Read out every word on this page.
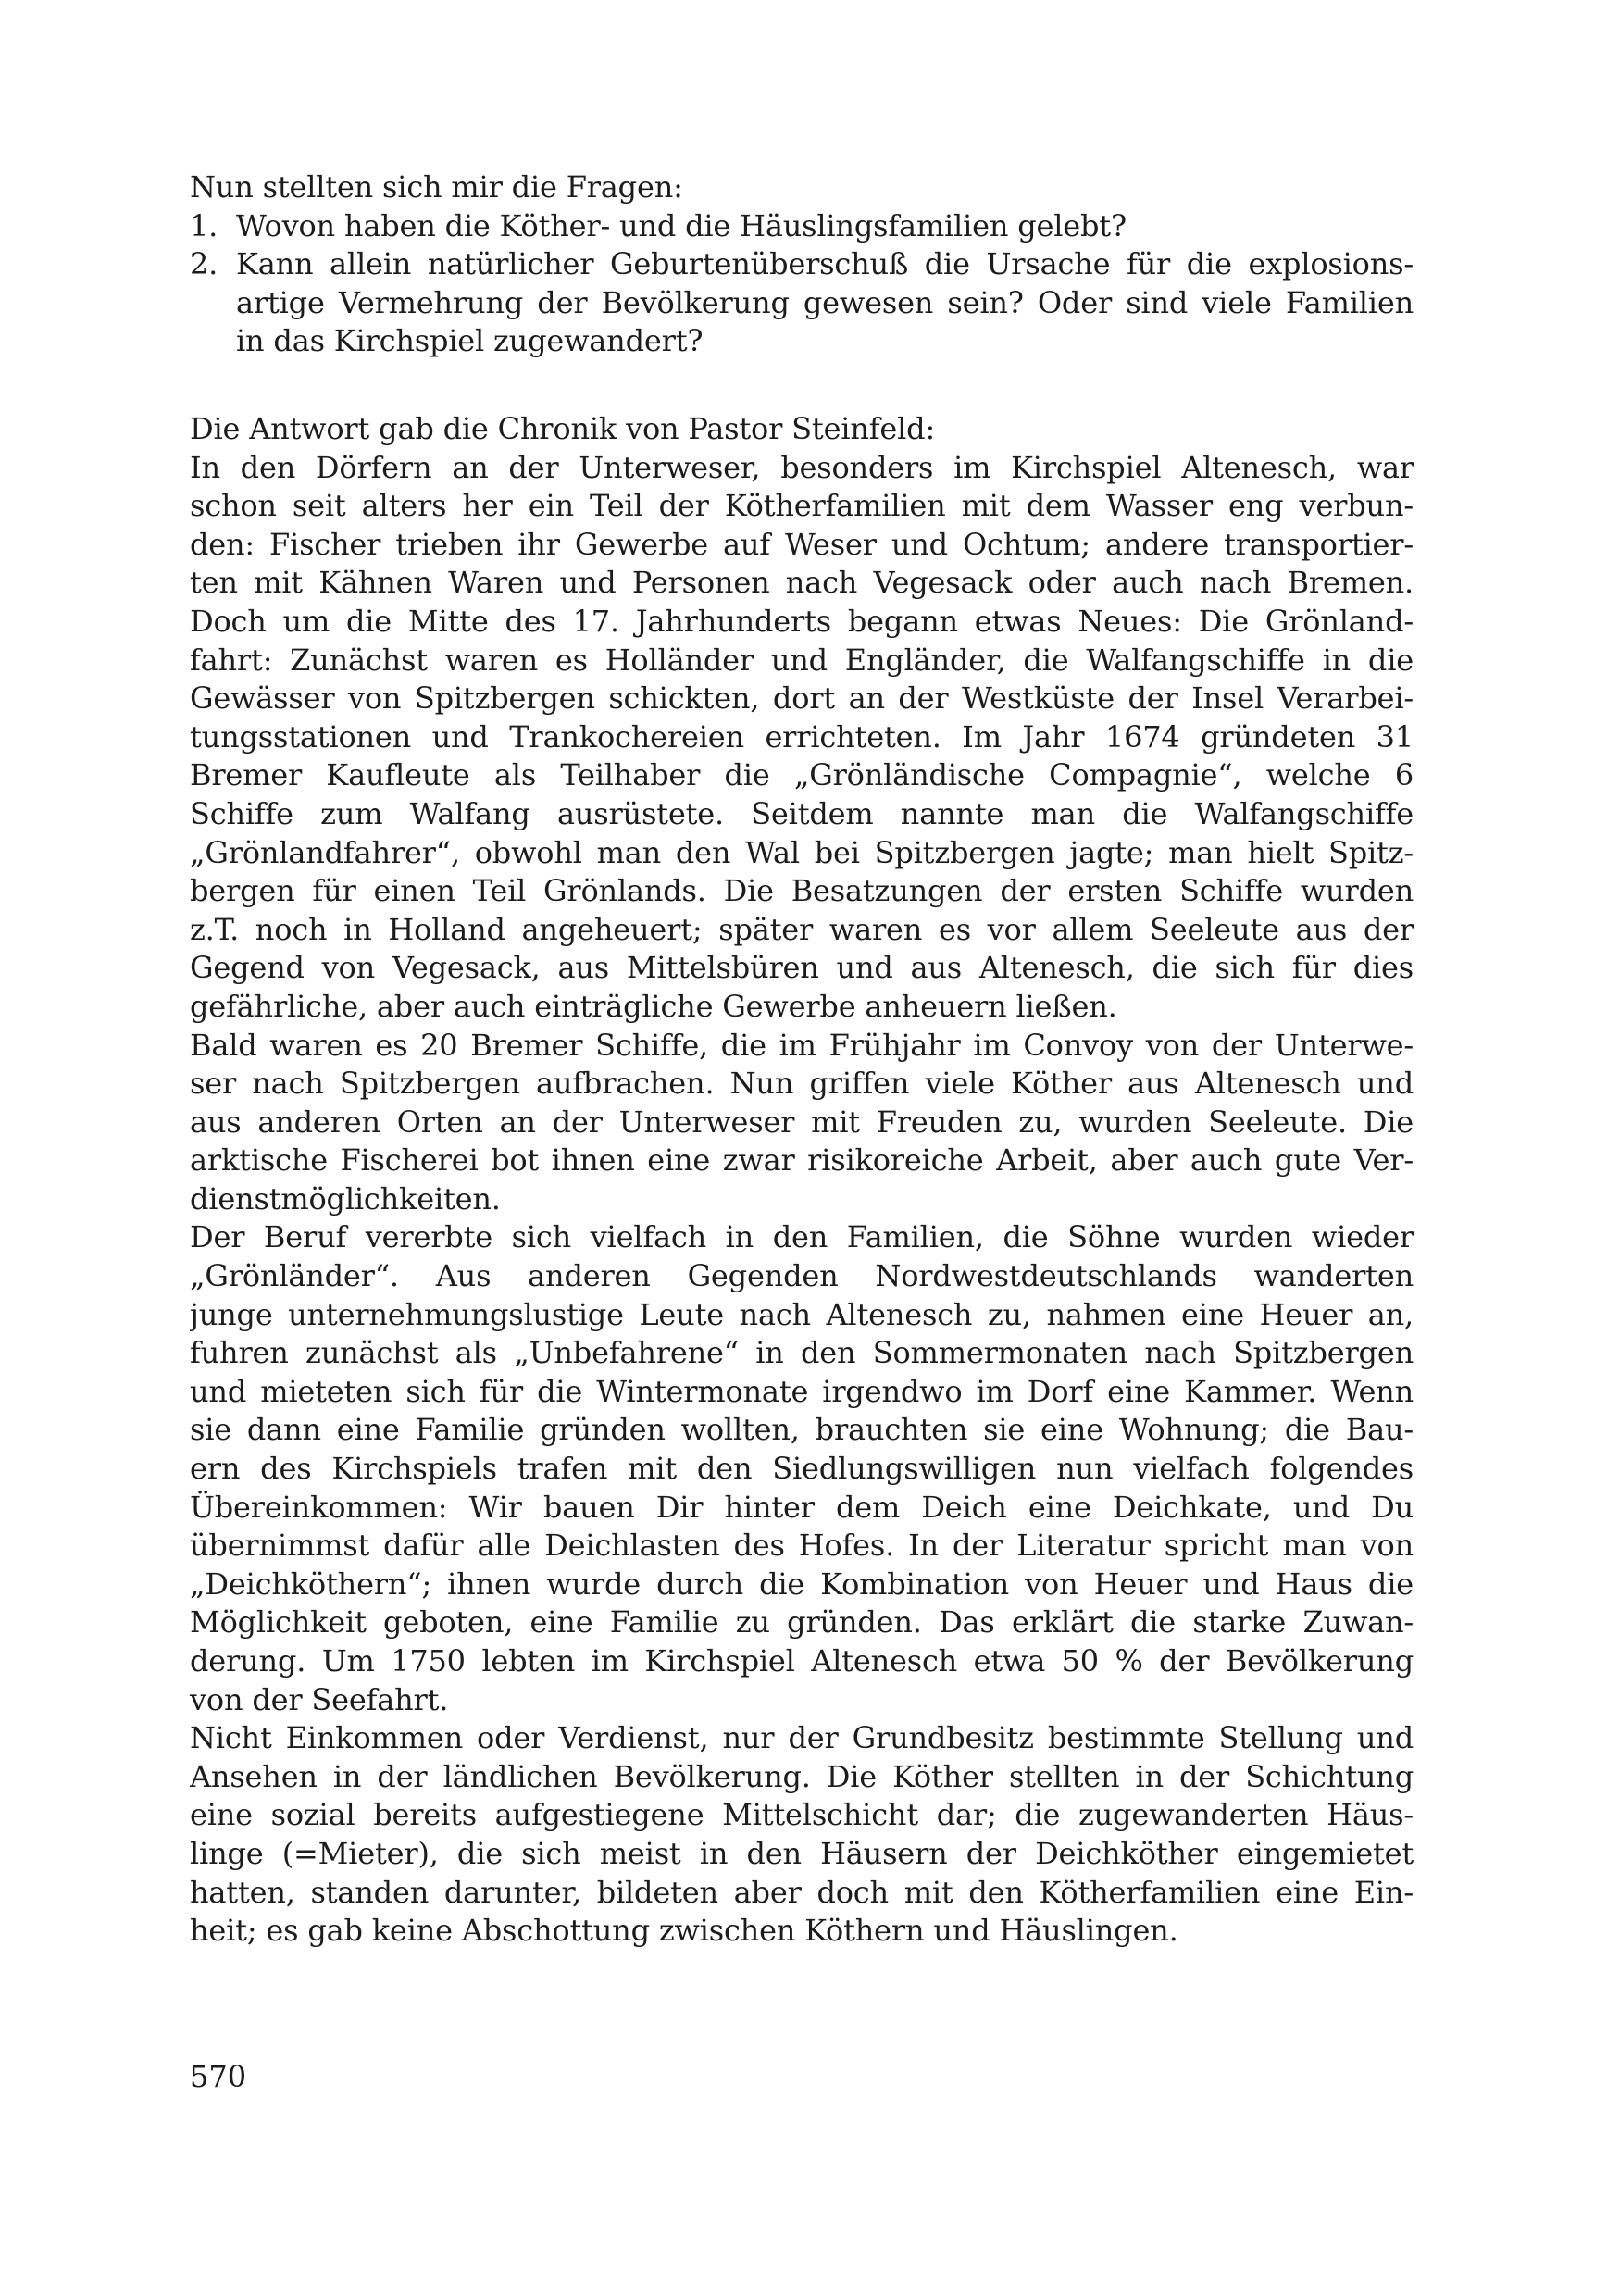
Nun stellten sich mir die Fragen:
1. Wovon haben die Köther- und die Häuslingsfamilien gelebt?
2. Kann allein natürlicher Geburtenüberschuß die Ursache für die explosions-
artige Vermehrung der Bevölkerung gewesen sein? Oder sind viele Familien
in das Kirchspiel zugewandert?
Die Antwort gab die Chronik von Pastor Steinfeld:
In den Dörfern an der Unterweser, besonders im Kirchspiel Altenesch, war
schon seit alters her ein Teil der Kötherfamilien mit dem Wasser eng verbun-
den: Fischer trieben ihr Gewerbe auf Weser und Ochtum; andere transportier-
ten mit Kähnen Waren und Personen nach Vegesack oder auch nach Bremen.
Doch um die Mitte des 17. Jahrhunderts begann etwas Neues: Die Grönland-
fahrt: Zunächst waren es Holländer und Engländer, die Walfangschiffe in die
Gewässer von Spitzbergen schickten, dort an der Westküste der Insel Verarbei-
tungsstationen und Trankochereien errichteten. Im Jahr 1674 gründeten 31
Bremer Kaufleute als Teilhaber die „Grönländische Compagnie“, welche 6
Schiffe zum Walfang ausrüstete. Seitdem nannte man die Walfangschiffe
„Grönlandfahrer“, obwohl man den Wal bei Spitzbergen jagte; man hielt Spitz-
bergen für einen Teil Grönlands. Die Besatzungen der ersten Schiffe wurden
z.T. noch in Holland angeheuert; später waren es vor allem Seeleute aus der
Gegend von Vegesack, aus Mittelsbüren und aus Altenesch, die sich für dies
gefährliche, aber auch einträgliche Gewerbe anheuern ließen.
Bald waren es 20 Bremer Schiffe, die im Frühjahr im Convoy von der Unterwe-
ser nach Spitzbergen aufbrachen. Nun griffen viele Köther aus Altenesch und
aus anderen Orten an der Unterweser mit Freuden zu, wurden Seeleute. Die
arktische Fischerei bot ihnen eine zwar risikoreiche Arbeit, aber auch gute Ver-
dienstmöglichkeiten.
Der Beruf vererbte sich vielfach in den Familien, die Söhne wurden wieder
„Grönländer“. Aus anderen Gegenden Nordwestdeutschlands wanderten
junge unternehmungslustige Leute nach Altenesch zu, nahmen eine Heuer an,
fuhren zunächst als „Unbefahrene“ in den Sommermonaten nach Spitzbergen
und mieteten sich für die Wintermonate irgendwo im Dorf eine Kammer. Wenn
sie dann eine Familie gründen wollten, brauchten sie eine Wohnung; die Bau-
ern des Kirchspiels trafen mit den Siedlungswilligen nun vielfach folgendes
Übereinkommen: Wir bauen Dir hinter dem Deich eine Deichkate, und Du
übernimmst dafür alle Deichlasten des Hofes. In der Literatur spricht man von
„Deichköthern“; ihnen wurde durch die Kombination von Heuer und Haus die
Möglichkeit geboten, eine Familie zu gründen. Das erklärt die starke Zuwan-
derung. Um 1750 lebten im Kirchspiel Altenesch etwa 50 % der Bevölkerung
von der Seefahrt.
Nicht Einkommen oder Verdienst, nur der Grundbesitz bestimmte Stellung und
Ansehen in der ländlichen Bevölkerung. Die Köther stellten in der Schichtung
eine sozial bereits aufgestiegene Mittelschicht dar; die zugewanderten Häus-
linge (=Mieter), die sich meist in den Häusern der Deichköther eingemietet
hatten, standen darunter, bildeten aber doch mit den Kötherfamilien eine Ein-
heit; es gab keine Abschottung zwischen Köthern und Häuslingen.
570
